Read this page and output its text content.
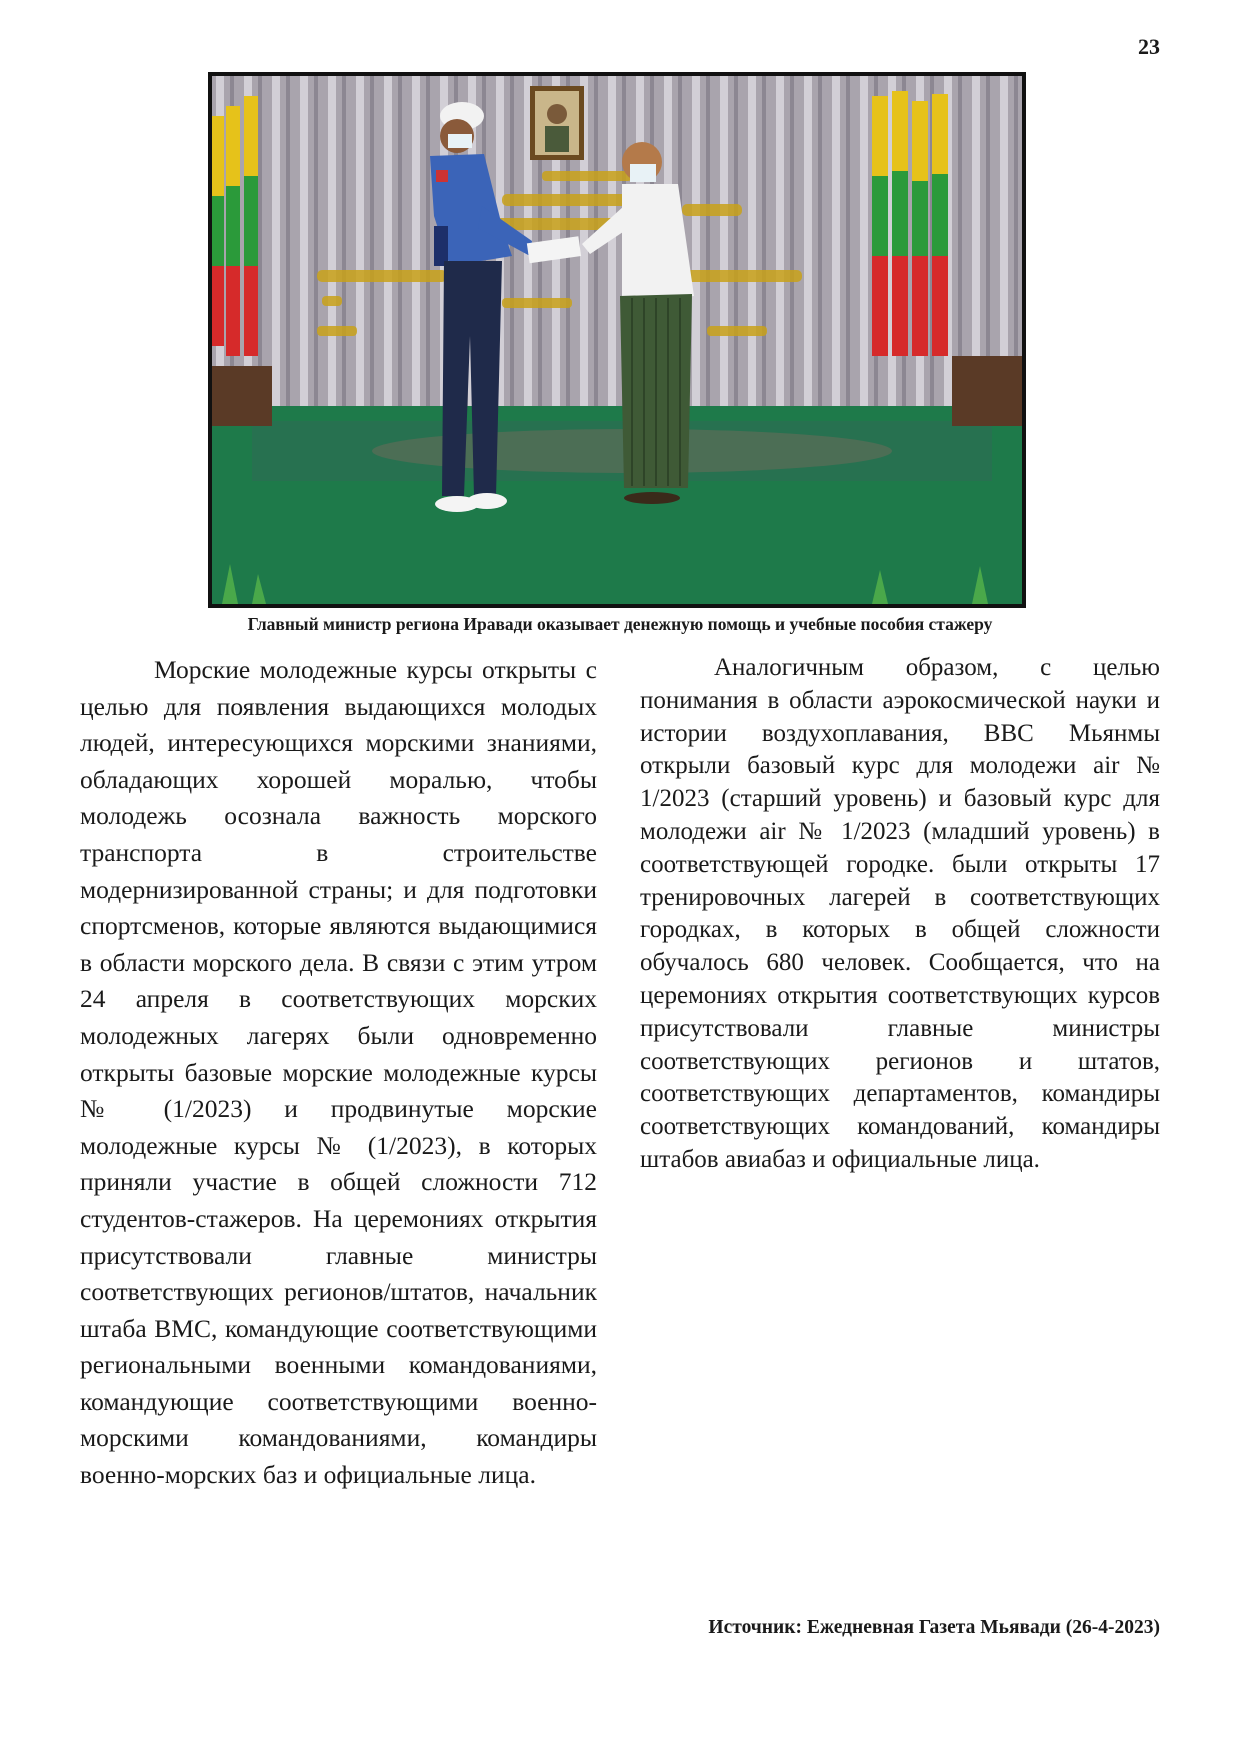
23
Главный министр региона Иравади оказывает денежную помощь и учебные пособия стажеру

Морские молодежные курсы открыты с целью для появления выдающихся молодых людей, интересующихся морскими знаниями, обладающих хорошей моралью, чтобы молодежь осознала важность морского транспорта в строительстве модернизированной страны; и для подготовки спортсменов, которые являются выдающимися в области морского дела. В связи с этим утром 24 апреля в соответствующих морских молодежных лагерях были одновременно открыты базовые морские молодежные курсы № (1/2023) и продвинутые морские молодежные курсы № (1/2023), в которых приняли участие в общей сложности 712 студентов-стажеров. На церемониях открытия присутствовали главные министры соответствующих регионов/штатов, начальник штаба ВМС, командующие соответствующими региональными военными командованиями, командующие соответствующими военно-морскими командованиями, командиры военно-морских баз и официальные лица.

Аналогичным образом, с целью понимания в области аэрокосмической науки и истории воздухоплавания, ВВС Мьянмы открыли базовый курс для молодежи air № 1/2023 (старший уровень) и базовый курс для молодежи air № 1/2023 (младший уровень) в соответствующей городке. были открыты 17 тренировочных лагерей в соответствующих городках, в которых в общей сложности обучалось 680 человек. Сообщается, что на церемониях открытия соответствующих курсов присутствовали главные министры соответствующих регионов и штатов, соответствующих департаментов, командиры соответствующих командований, командиры штабов авиабаз и официальные лица.

Источник: Ежедневная Газета Мьявади (26-4-2023)
